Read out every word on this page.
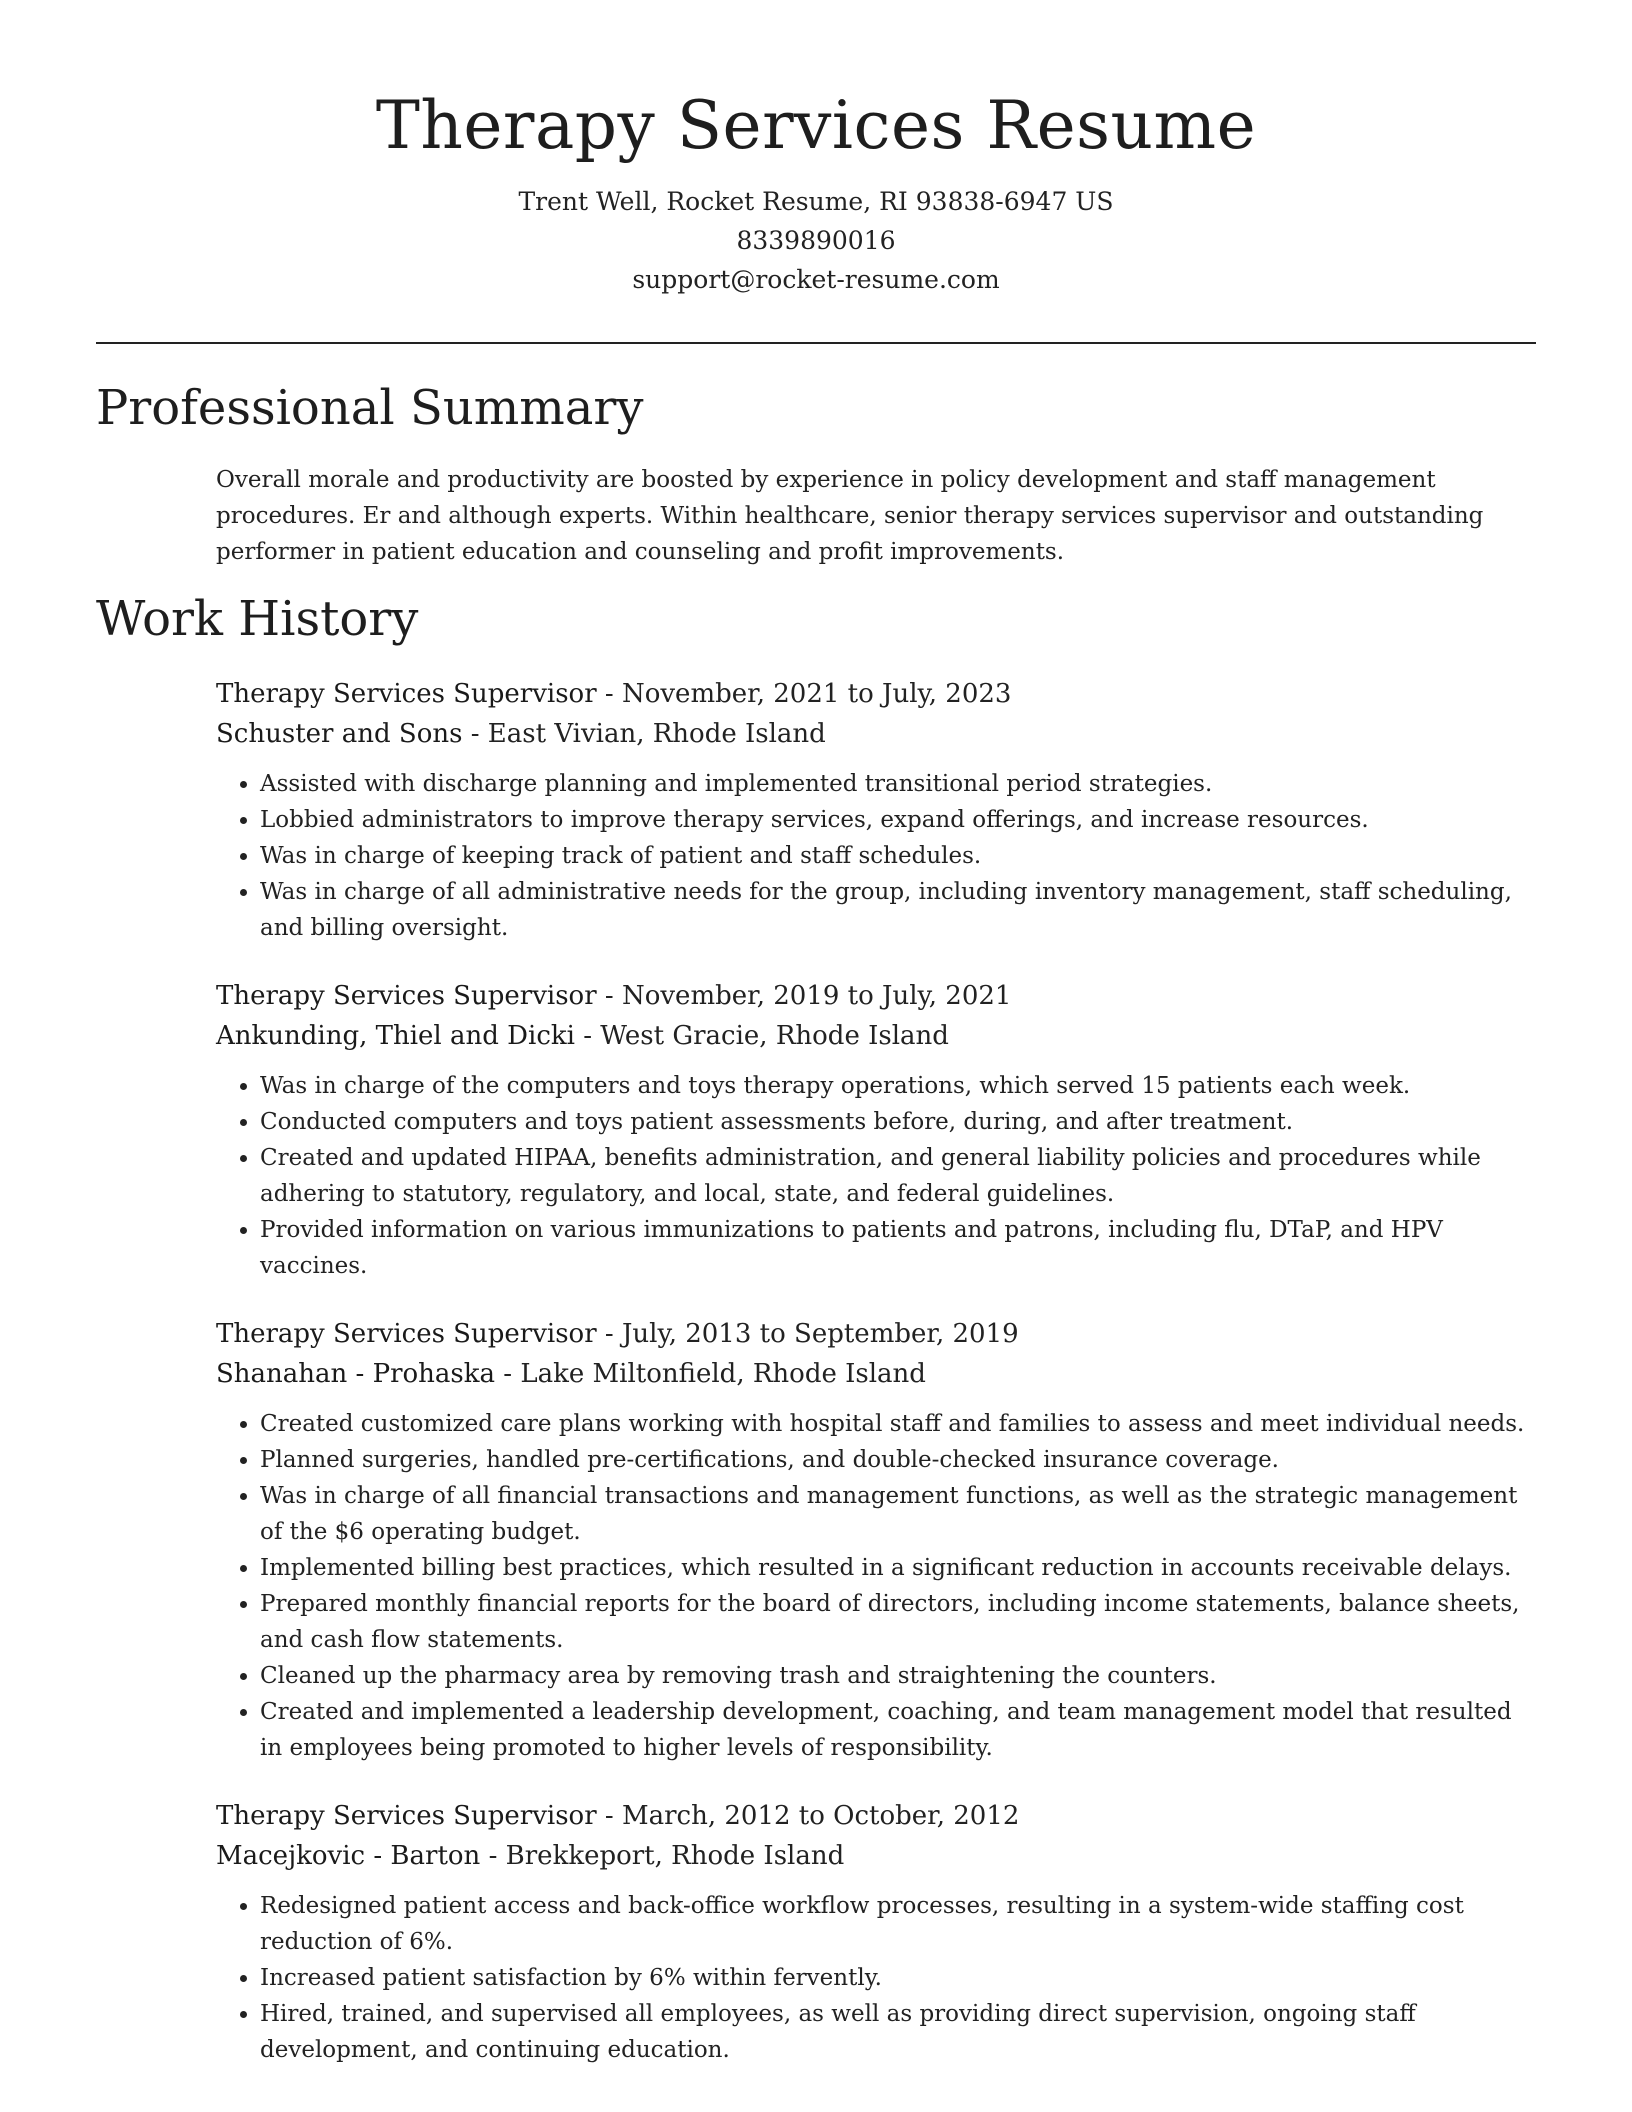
Therapy Services Resume
Trent Well, Rocket Resume, RI 93838-6947 US
8339890016
support@rocket-resume.com
Professional Summary

Overall morale and productivity are boosted by experience in policy development and staff management procedures. Er and although experts. Within healthcare, senior therapy services supervisor and outstanding performer in patient education and counseling and profit improvements.

Work History
Therapy Services Supervisor - November, 2021 to July, 2023
Schuster and Sons - East Vivian, Rhode Island
• Assisted with discharge planning and implemented transitional period strategies.
• Lobbied administrators to improve therapy services, expand offerings, and increase resources.
• Was in charge of keeping track of patient and staff schedules.
• Was in charge of all administrative needs for the group, including inventory management, staff scheduling, and billing oversight.
Therapy Services Supervisor - November, 2019 to July, 2021
Ankunding, Thiel and Dicki - West Gracie, Rhode Island
• Was in charge of the computers and toys therapy operations, which served 15 patients each week.
• Conducted computers and toys patient assessments before, during, and after treatment.
• Created and updated HIPAA, benefits administration, and general liability policies and procedures while adhering to statutory, regulatory, and local, state, and federal guidelines.
• Provided information on various immunizations to patients and patrons, including flu, DTaP, and HPV vaccines.
Therapy Services Supervisor - July, 2013 to September, 2019
Shanahan - Prohaska - Lake Miltonfield, Rhode Island
• Created customized care plans working with hospital staff and families to assess and meet individual needs.
• Planned surgeries, handled pre-certifications, and double-checked insurance coverage.
• Was in charge of all financial transactions and management functions, as well as the strategic management of the $6 operating budget.
• Implemented billing best practices, which resulted in a significant reduction in accounts receivable delays.
• Prepared monthly financial reports for the board of directors, including income statements, balance sheets, and cash flow statements.
• Cleaned up the pharmacy area by removing trash and straightening the counters.
• Created and implemented a leadership development, coaching, and team management model that resulted in employees being promoted to higher levels of responsibility.
Therapy Services Supervisor - March, 2012 to October, 2012
Macejkovic - Barton - Brekkeport, Rhode Island
• Redesigned patient access and back-office workflow processes, resulting in a system-wide staffing cost reduction of 6%.
• Increased patient satisfaction by 6% within fervently.
• Hired, trained, and supervised all employees, as well as providing direct supervision, ongoing staff development, and continuing education.
